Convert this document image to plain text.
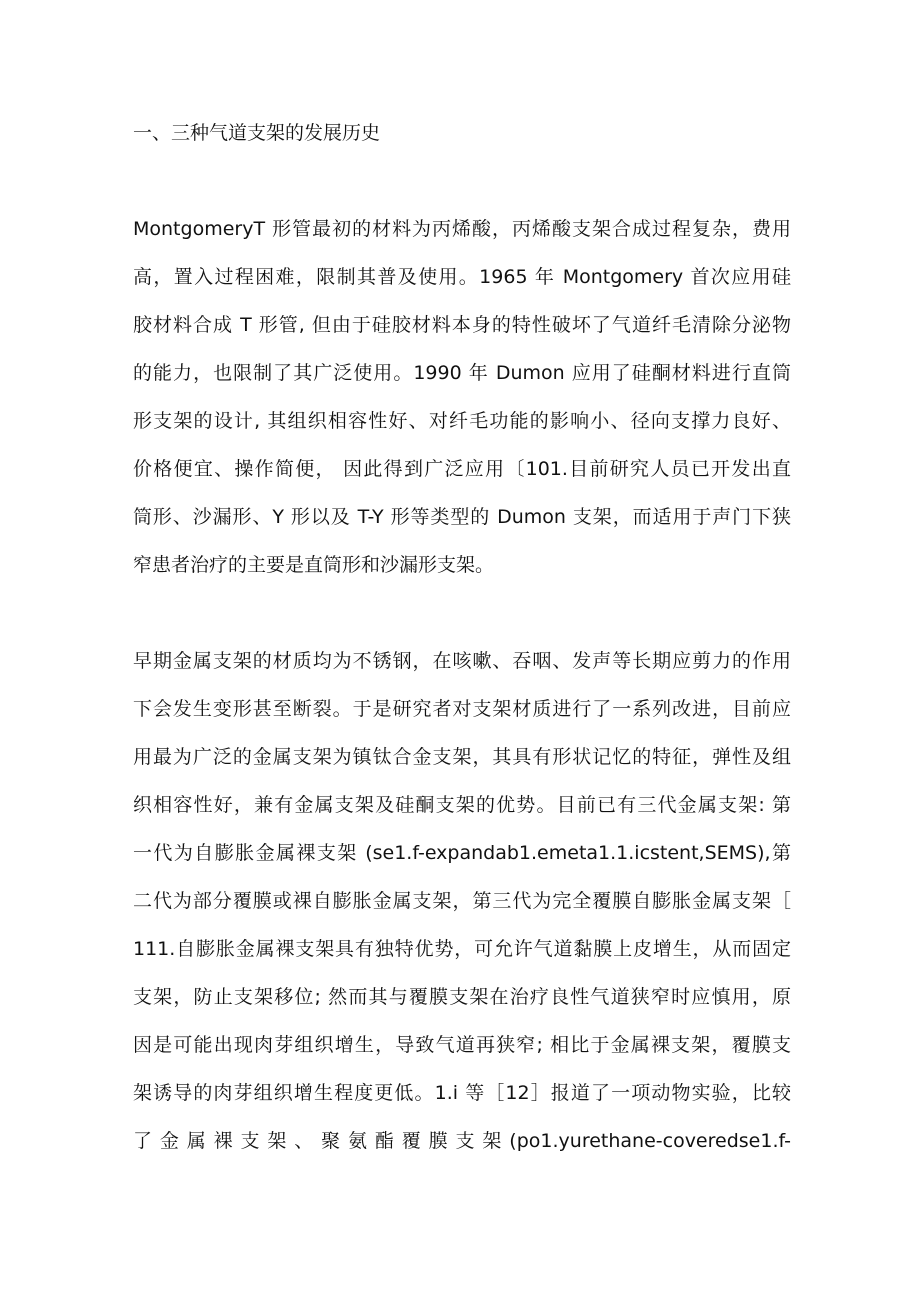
一、三种气道支架的发展历史
MontgomeryT 形管最初的材料为丙烯酸，丙烯酸支架合成过程复杂，费用
高，置入过程困难，限制其普及使用。1965 年 Montgomery 首次应用硅
胶材料合成 T 形管, 但由于硅胶材料本身的特性破坏了气道纤毛清除分泌物
的能力，也限制了其广泛使用。1990 年 Dumon 应用了硅酮材料进行直筒
形支架的设计, 其组织相容性好、对纤毛功能的影响小、径向支撑力良好、
价格便宜、操作简便， 因此得到广泛应用〔101.目前研究人员已开发出直
筒形、沙漏形、Y 形以及 T-Y 形等类型的 Dumon 支架，而适用于声门下狭
窄患者治疗的主要是直筒形和沙漏形支架。
早期金属支架的材质均为不锈钢，在咳嗽、吞咽、发声等长期应剪力的作用
下会发生变形甚至断裂。于是研究者对支架材质进行了一系列改进，目前应
用最为广泛的金属支架为镇钛合金支架，其具有形状记忆的特征，弹性及组
织相容性好，兼有金属支架及硅酮支架的优势。目前已有三代金属支架: 第
一代为自膨胀金属裸支架 (se1.f-expandab1.emeta1.1.icstent,SEMS),第
二代为部分覆膜或裸自膨胀金属支架，第三代为完全覆膜自膨胀金属支架［
111.自膨胀金属裸支架具有独特优势，可允许气道黏膜上皮增生，从而固定
支架，防止支架移位; 然而其与覆膜支架在治疗良性气道狭窄时应慎用，原
因是可能出现肉芽组织增生，导致气道再狭窄; 相比于金属裸支架，覆膜支
架诱导的肉芽组织增生程度更低。1.i 等［12］报道了一项动物实验，比较
了 金 属 裸 支 架 、 聚 氨 酯 覆 膜 支 架 (po1.yurethane-coveredse1.f-
